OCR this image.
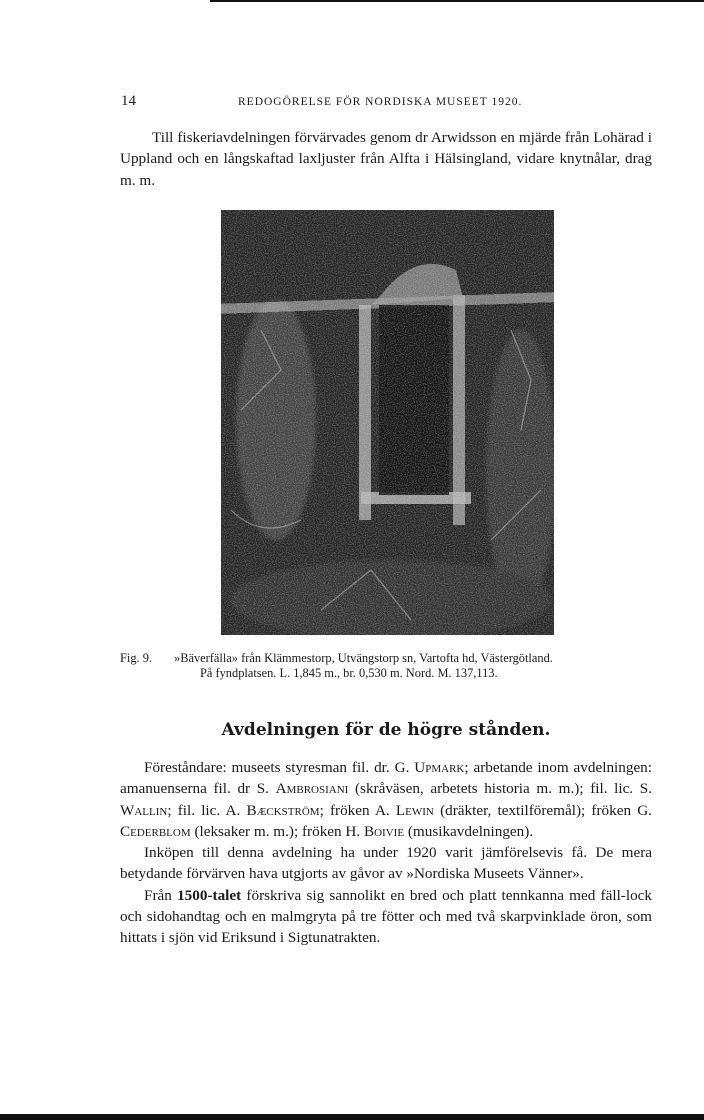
14	REDOGÖRELSE FÖR NORDISKA MUSEET 1920.

Till fiskeriavdelningen förvärvades genom dr Arwidsson en mjärde från Lohärad i Uppland och en långskaftad laxljuster från Alfta i Hälsingland, vidare knytnålar, drag m. m.

Fig. 9. »Bäverfälla» från Klämmestorp, Utvängstorp sn, Vartofta hd, Västergötland.
På fyndplatsen. L. 1,845 m., br. 0,530 m. Nord. M. 137,113.
Avdelningen för de högre stånden.

Föreståndare: museets styresman fil. dr. G. Upmark; arbetande inom avdelningen: amanuenserna fil. dr S. Ambrosiani (skråväsen, arbetets historia m. m.); fil. lic. S. Wallin; fil. lic. A. Bæckström; fröken A. Lewin (dräkter, textilföremål); fröken G. Cederblom (leksaker m. m.); fröken H. Boivie (musikavdelningen).

Inköpen till denna avdelning ha under 1920 varit jämförelsevis få. De mera betydande förvärven hava utgjorts av gåvor av »Nordiska Museets Vänner».

Från 1500-talet förskriva sig sannolikt en bred och platt tennkanna med fäll-lock och sidohandtag och en malmgryta på tre fötter och med två skarpvinklade öron, som hittats i sjön vid Eriksund i Sigtunatrakten.
